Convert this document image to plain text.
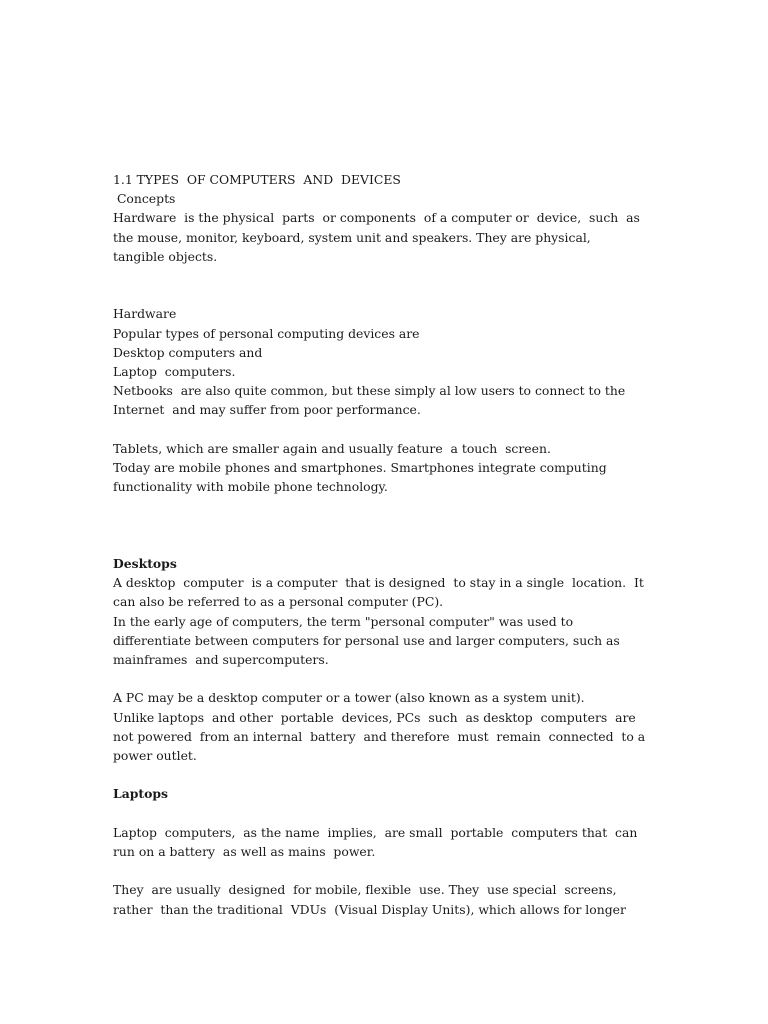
1.1 TYPES  OF COMPUTERS  AND  DEVICES
Concepts
Hardware  is the physical  parts  or components  of a computer or  device,  such  as
the mouse, monitor, keyboard, system unit and speakers. They are physical,
tangible objects.
Hardware
Popular types of personal computing devices are
Desktop computers and
Laptop  computers.
Netbooks  are also quite common, but these simply al low users to connect to the
Internet  and may suffer from poor performance.
Tablets, which are smaller again and usually feature  a touch  screen.
Today are mobile phones and smartphones. Smartphones integrate computing
functionality with mobile phone technology.
Desktops
A desktop  computer  is a computer  that is designed  to stay in a single  location.  It
can also be referred to as a personal computer (PC).
In the early age of computers, the term "personal computer" was used to
differentiate between computers for personal use and larger computers, such as
mainframes  and supercomputers.
A PC may be a desktop computer or a tower (also known as a system unit).
Unlike laptops  and other  portable  devices, PCs  such  as desktop  computers  are
not powered  from an internal  battery  and therefore  must  remain  connected  to a
power outlet.
Laptops
Laptop  computers,  as the name  implies,  are small  portable  computers that  can
run on a battery  as well as mains  power.
They  are usually  designed  for mobile, flexible  use. They  use special  screens,
rather  than the traditional  VDUs  (Visual Display Units), which allows for longer
